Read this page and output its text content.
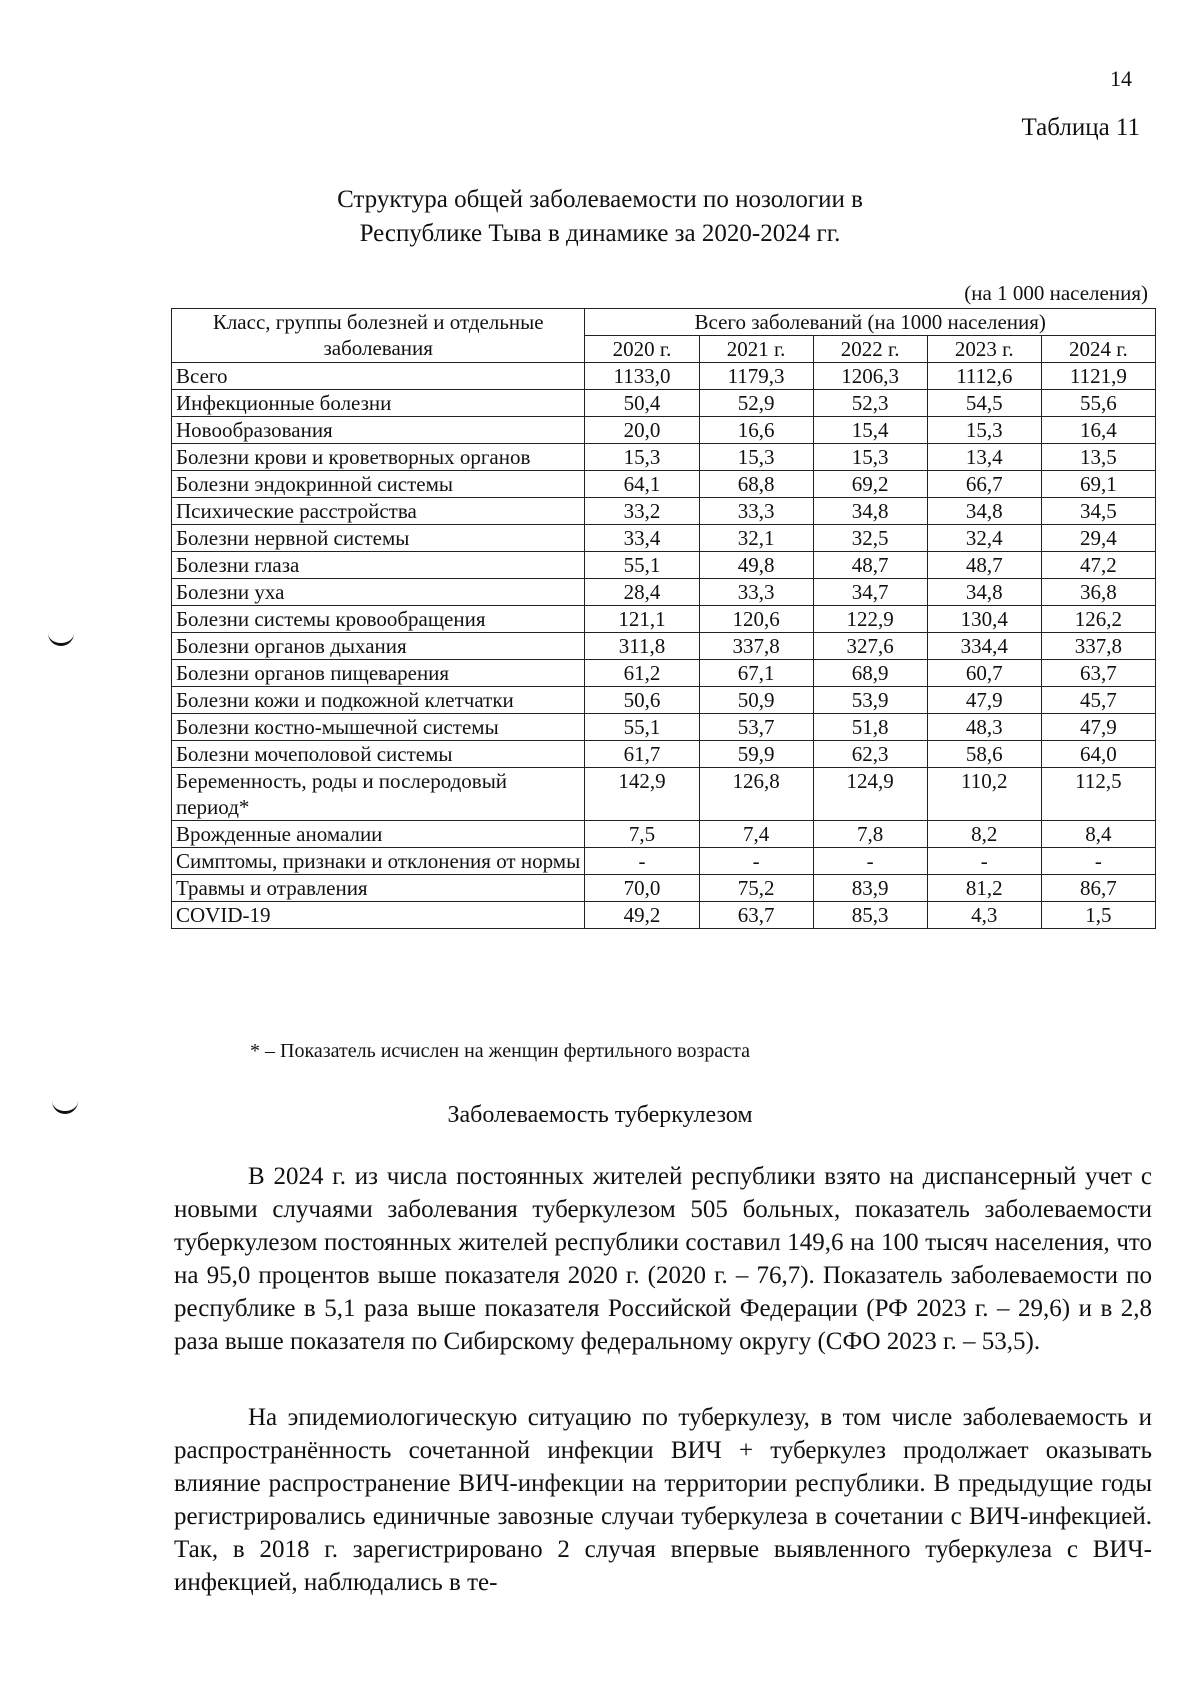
14
Таблица 11
Структура общей заболеваемости по нозологии в
Республике Тыва в динамике за 2020-2024 гг.
(на 1 000 населения)
Класс, группы болезней и отдельные заболевания	Всего заболеваний (на 1000 населения)				
	2020 г.	2021 г.	2022 г.	2023 г.	2024 г.
Всего	1133,0	1179,3	1206,3	1112,6	1121,9
Инфекционные болезни	50,4	52,9	52,3	54,5	55,6
Новообразования	20,0	16,6	15,4	15,3	16,4
Болезни крови и кроветворных органов	15,3	15,3	15,3	13,4	13,5
Болезни эндокринной системы	64,1	68,8	69,2	66,7	69,1
Психические расстройства	33,2	33,3	34,8	34,8	34,5
Болезни нервной системы	33,4	32,1	32,5	32,4	29,4
Болезни глаза	55,1	49,8	48,7	48,7	47,2
Болезни уха	28,4	33,3	34,7	34,8	36,8
Болезни системы кровообращения	121,1	120,6	122,9	130,4	126,2
Болезни органов дыхания	311,8	337,8	327,6	334,4	337,8
Болезни органов пищеварения	61,2	67,1	68,9	60,7	63,7
Болезни кожи и подкожной клетчатки	50,6	50,9	53,9	47,9	45,7
Болезни костно-мышечной системы	55,1	53,7	51,8	48,3	47,9
Болезни мочеполовой системы	61,7	59,9	62,3	58,6	64,0
Беременность, роды и послеродовый период*	142,9	126,8	124,9	110,2	112,5
Врожденные аномалии	7,5	7,4	7,8	8,2	8,4
Симптомы, признаки и отклонения от нормы	-	-	-	-	-
Травмы и отравления	70,0	75,2	83,9	81,2	86,7
COVID-19	49,2	63,7	85,3	4,3	1,5
* – Показатель исчислен на женщин фертильного возраста
Заболеваемость туберкулезом

В 2024 г. из числа постоянных жителей республики взято на диспансерный учет с новыми случаями заболевания туберкулезом 505 больных, показатель заболеваемости туберкулезом постоянных жителей республики составил 149,6 на 100 тысяч населения, что на 95,0 процентов выше показателя 2020 г. (2020 г. – 76,7). Показатель заболеваемости по республике в 5,1 раза выше показателя Российской Федерации (РФ 2023 г. – 29,6) и в 2,8 раза выше показателя по Сибирскому федеральному округу (СФО 2023 г. – 53,5).

На эпидемиологическую ситуацию по туберкулезу, в том числе заболеваемость и распространённость сочетанной инфекции ВИЧ + туберкулез продолжает оказывать влияние распространение ВИЧ-инфекции на территории республики. В предыдущие годы регистрировались единичные завозные случаи туберкулеза в сочетании с ВИЧ-инфекцией. Так, в 2018 г. зарегистрировано 2 случая впервые выявленного туберкулеза с ВИЧ-инфекцией, наблюдались в те-
